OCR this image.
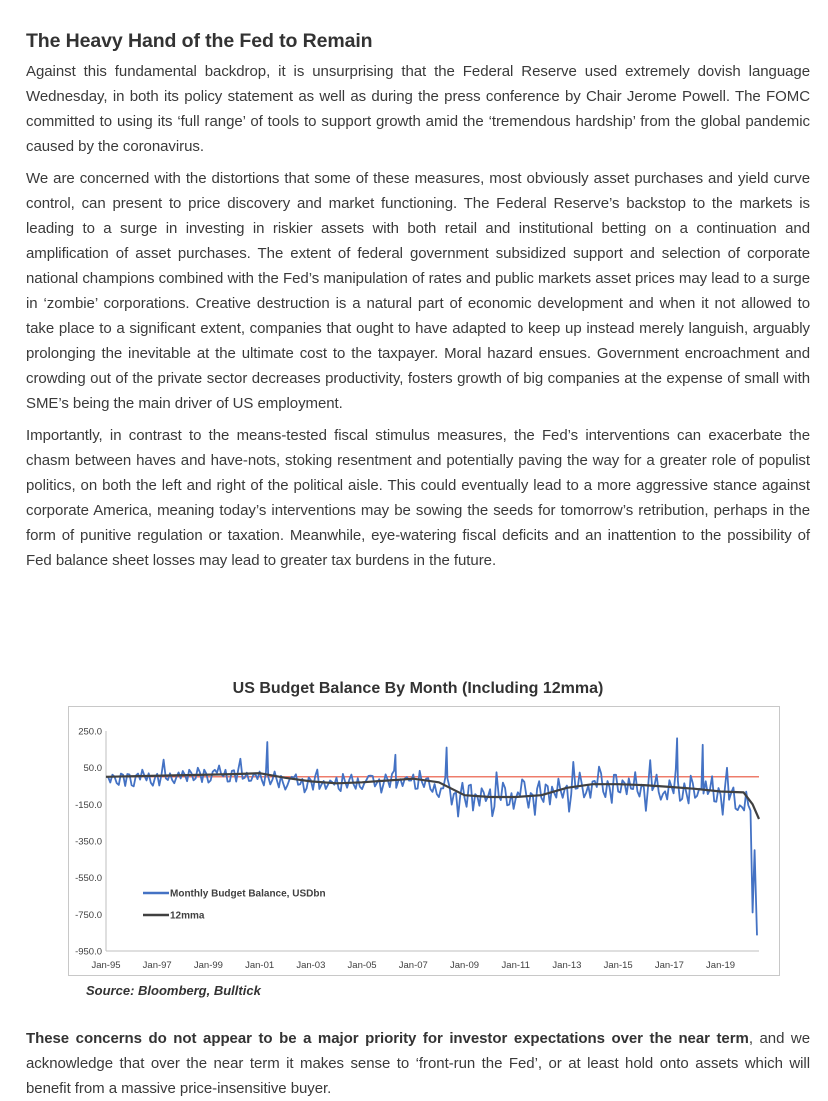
The Heavy Hand of the Fed to Remain

Against this fundamental backdrop, it is unsurprising that the Federal Reserve used extremely dovish language Wednesday, in both its policy statement as well as during the press conference by Chair Jerome Powell. The FOMC committed to using its ‘full range’ of tools to support growth amid the ‘tremendous hardship’ from the global pandemic caused by the coronavirus.

We are concerned with the distortions that some of these measures, most obviously asset purchases and yield curve control, can present to price discovery and market functioning. The Federal Reserve’s backstop to the markets is leading to a surge in investing in riskier assets with both retail and institutional betting on a continuation and amplification of asset purchases. The extent of federal government subsidized support and selection of corporate national champions combined with the Fed’s manipulation of rates and public markets asset prices may lead to a surge in ‘zombie’ corporations. Creative destruction is a natural part of economic development and when it not allowed to take place to a significant extent, companies that ought to have adapted to keep up instead merely languish, arguably prolonging the inevitable at the ultimate cost to the taxpayer. Moral hazard ensues. Government encroachment and crowding out of the private sector decreases productivity, fosters growth of big companies at the expense of small with SME’s being the main driver of US employment.

Importantly, in contrast to the means-tested fiscal stimulus measures, the Fed’s interventions can exacerbate the chasm between haves and have-nots, stoking resentment and potentially paving the way for a greater role of populist politics, on both the left and right of the political aisle. This could eventually lead to a more aggressive stance against corporate America, meaning today’s interventions may be sowing the seeds for tomorrow’s retribution, perhaps in the form of punitive regulation or taxation. Meanwhile, eye-watering fiscal deficits and an inattention to the possibility of Fed balance sheet losses may lead to greater tax burdens in the future.

US Budget Balance By Month (Including 12mma)
250.0
50.0
-150.0
-350.0
-550.0
-750.0
-950.0
Jan-95 Jan-97 Jan-99 Jan-01 Jan-03 Jan-05 Jan-07 Jan-09 Jan-11 Jan-13 Jan-15 Jan-17 Jan-19
Monthly Budget Balance, USDbn
12mma
Source: Bloomberg, Bulltick

These concerns do not appear to be a major priority for investor expectations over the near term, and we acknowledge that over the near term it makes sense to ‘front-run the Fed’, or at least hold onto assets which will benefit from a massive price-insensitive buyer.
